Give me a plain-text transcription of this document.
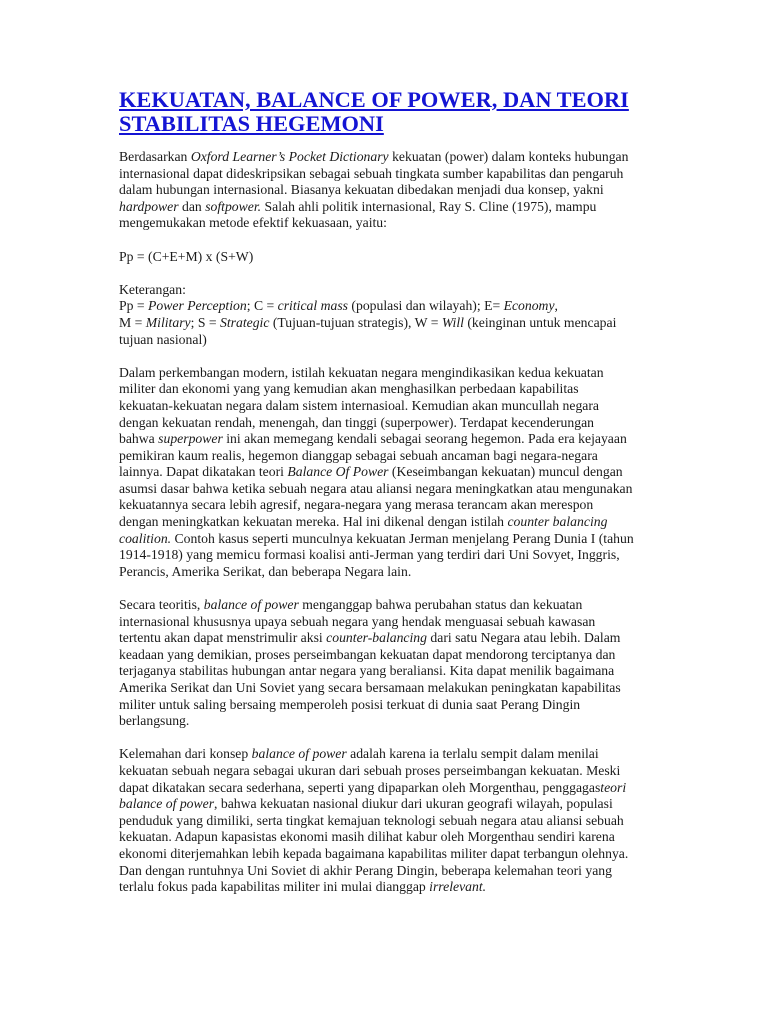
KEKUATAN, BALANCE OF POWER, DAN TEORI
STABILITAS HEGEMONI

Berdasarkan Oxford Learner’s Pocket Dictionary kekuatan (power) dalam konteks hubungan
internasional dapat dideskripsikan sebagai sebuah tingkata sumber kapabilitas dan pengaruh
dalam hubungan internasional. Biasanya kekuatan dibedakan menjadi dua konsep, yakni
hardpower dan softpower. Salah ahli politik internasional, Ray S. Cline (1975), mampu
mengemukakan metode efektif kekuasaan, yaitu:

Pp = (C+E+M) x (S+W)

Keterangan:
Pp = Power Perception; C = critical mass (populasi dan wilayah); E= Economy,
M = Military; S = Strategic (Tujuan-tujuan strategis), W = Will (keinginan untuk mencapai
tujuan nasional)

Dalam perkembangan modern, istilah kekuatan negara mengindikasikan kedua kekuatan
militer dan ekonomi yang yang kemudian akan menghasilkan perbedaan kapabilitas
kekuatan-kekuatan negara dalam sistem internasioal. Kemudian akan muncullah negara
dengan kekuatan rendah, menengah, dan tinggi (superpower). Terdapat kecenderungan
bahwa superpower ini akan memegang kendali sebagai seorang hegemon. Pada era kejayaan
pemikiran kaum realis, hegemon dianggap sebagai sebuah ancaman bagi negara-negara
lainnya. Dapat dikatakan teori Balance Of Power (Keseimbangan kekuatan) muncul dengan
asumsi dasar bahwa ketika sebuah negara atau aliansi negara meningkatkan atau mengunakan
kekuatannya secara lebih agresif, negara-negara yang merasa terancam akan merespon
dengan meningkatkan kekuatan mereka. Hal ini dikenal dengan istilah counter balancing
coalition. Contoh kasus seperti munculnya kekuatan Jerman menjelang Perang Dunia I (tahun
1914-1918) yang memicu formasi koalisi anti-Jerman yang terdiri dari Uni Sovyet, Inggris,
Perancis, Amerika Serikat, dan beberapa Negara lain.

Secara teoritis, balance of power menganggap bahwa perubahan status dan kekuatan
internasional khususnya upaya sebuah negara yang hendak menguasai sebuah kawasan
tertentu akan dapat menstrimulir aksi counter-balancing dari satu Negara atau lebih. Dalam
keadaan yang demikian, proses perseimbangan kekuatan dapat mendorong terciptanya dan
terjaganya stabilitas hubungan antar negara yang beraliansi. Kita dapat menilik bagaimana
Amerika Serikat dan Uni Soviet yang secara bersamaan melakukan peningkatan kapabilitas
militer untuk saling bersaing memperoleh posisi terkuat di dunia saat Perang Dingin
berlangsung.

Kelemahan dari konsep balance of power adalah karena ia terlalu sempit dalam menilai
kekuatan sebuah negara sebagai ukuran dari sebuah proses perseimbangan kekuatan. Meski
dapat dikatakan secara sederhana, seperti yang dipaparkan oleh Morgenthau, penggagasteori
balance of power, bahwa kekuatan nasional diukur dari ukuran geografi wilayah, populasi
penduduk yang dimiliki, serta tingkat kemajuan teknologi sebuah negara atau aliansi sebuah
kekuatan. Adapun kapasistas ekonomi masih dilihat kabur oleh Morgenthau sendiri karena
ekonomi diterjemahkan lebih kepada bagaimana kapabilitas militer dapat terbangun olehnya.
Dan dengan runtuhnya Uni Soviet di akhir Perang Dingin, beberapa kelemahan teori yang
terlalu fokus pada kapabilitas militer ini mulai dianggap irrelevant.
